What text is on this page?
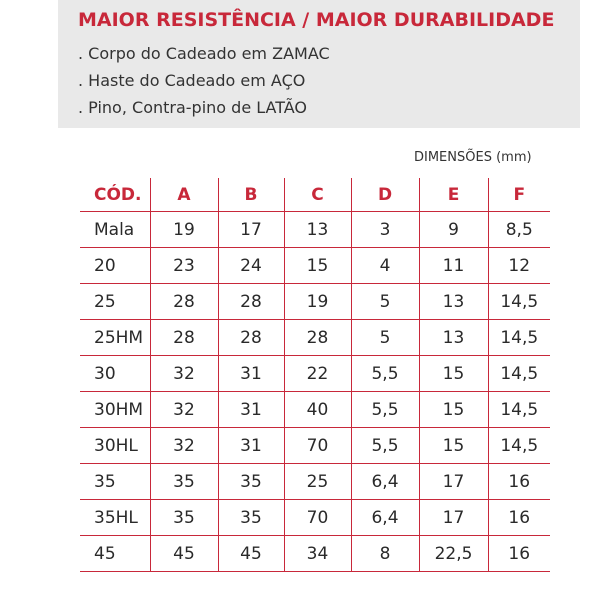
MAIOR RESISTÊNCIA / MAIOR DURABILIDADE
. Corpo do Cadeado em ZAMAC
. Haste do Cadeado em AÇO
. Pino, Contra-pino de LATÃO
DIMENSÕES (mm)
CÓD.	A	B	C	D	E	F
Mala	19	17	13	3	9	8,5
20	23	24	15	4	11	12
25	28	28	19	5	13	14,5
25HM	28	28	28	5	13	14,5
30	32	31	22	5,5	15	14,5
30HM	32	31	40	5,5	15	14,5
30HL	32	31	70	5,5	15	14,5
35	35	35	25	6,4	17	16
35HL	35	35	70	6,4	17	16
45	45	45	34	8	22,5	16
